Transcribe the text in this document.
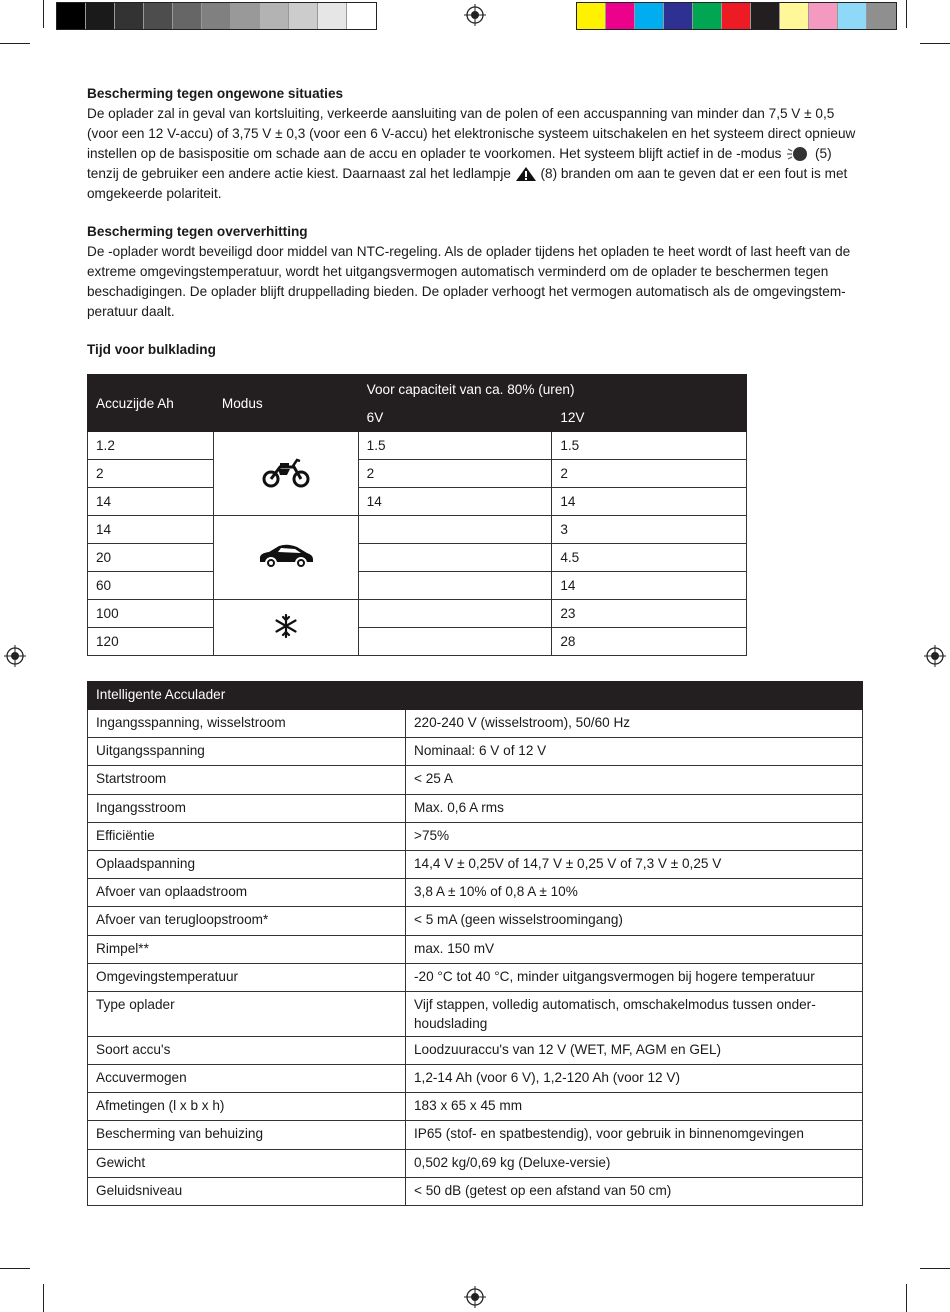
Bescherming tegen ongewone situaties
De oplader zal in geval van kortsluiting, verkeerde aansluiting van de polen of een accuspanning van minder dan 7,5 V ± 0,5 (voor een 12 V-accu) of 3,75 V ± 0,3 (voor een 6 V-accu) het elektronische systeem uitschakelen en het systeem direct opnieuw instellen op de basispositie om schade aan de accu en oplader te voorkomen. Het systeem blijft actief in de -modus (5) tenzij de gebruiker een andere actie kiest. Daarnaast zal het ledlampje (8) branden om aan te geven dat er een fout is met omgekeerde polariteit.
Bescherming tegen oververhitting
De -oplader wordt beveiligd door middel van NTC-regeling. Als de oplader tijdens het opladen te heet wordt of last heeft van de extreme omgevingstemperatuur, wordt het uitgangsvermogen automatisch verminderd om de oplader te beschermen tegen beschadigingen. De oplader blijft druppellading bieden. De oplader verhoogt het vermogen automatisch als de omgevingstem- peratuur daalt.
Tijd voor bulklading
Accuzijde Ah	Modus	Voor capaciteit van ca. 80% (uren)	
		6V	12V
1.2		1.5	1.5
2		2	2
14		14	14
14			3
20			4.5
60			14
100			23
120			28
Intelligente Acculader	
Ingangsspanning, wisselstroom	220-240 V (wisselstroom), 50/60 Hz
Uitgangsspanning	Nominaal: 6 V of 12 V
Startstroom	< 25 A
Ingangsstroom	Max. 0,6 A rms
Efficiëntie	>75%
Oplaadspanning	14,4 V ± 0,25V of 14,7 V ± 0,25 V of 7,3 V ± 0,25 V
Afvoer van oplaadstroom	3,8 A ± 10% of 0,8 A ± 10%
Afvoer van terugloopstroom*	< 5 mA (geen wisselstroomingang)
Rimpel**	max. 150 mV
Omgevingstemperatuur	-20 °C tot 40 °C, minder uitgangsvermogen bij hogere temperatuur
Type oplader	Vijf stappen, volledig automatisch, omschakelmodus tussen onder- houdslading
Soort accu's	Loodzuuraccu's van 12 V (WET, MF, AGM en GEL)
Accuvermogen	1,2-14 Ah (voor 6 V), 1,2-120 Ah (voor 12 V)
Afmetingen (l x b x h)	183 x 65 x 45 mm
Bescherming van behuizing	IP65 (stof- en spatbestendig), voor gebruik in binnenomgevingen
Gewicht	0,502 kg/0,69 kg (Deluxe-versie)
Geluidsniveau	< 50 dB (getest op een afstand van 50 cm)
